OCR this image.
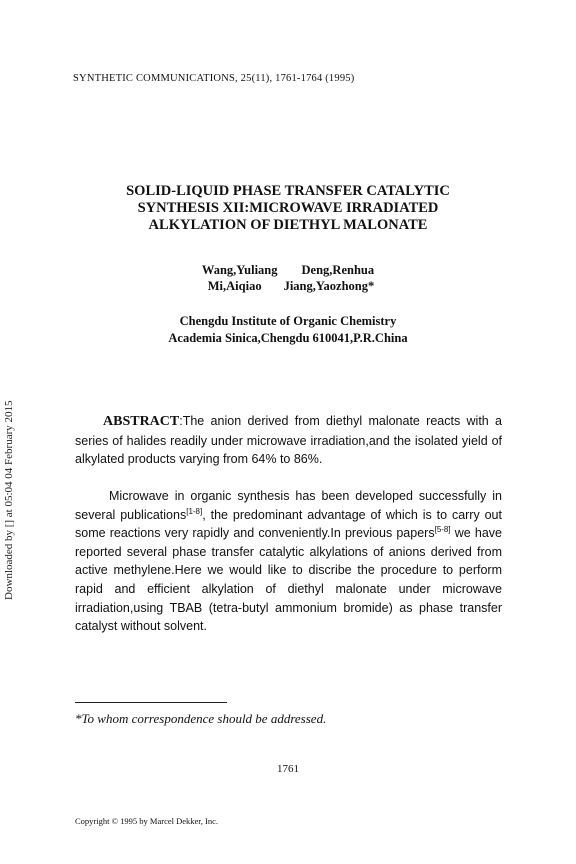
SYNTHETIC COMMUNICATIONS, 25(11), 1761-1764 (1995)
SOLID-LIQUID PHASE TRANSFER CATALYTIC
SYNTHESIS XII:MICROWAVE IRRADIATED
ALKYLATION OF DIETHYL MALONATE
Wang,Yuliang Deng,Renhua
Mi,Aiqiao Jiang,Yaozhong*
Chengdu Institute of Organic Chemistry
Academia Sinica,Chengdu 610041,P.R.China
ABSTRACT:The anion derived from diethyl malonate reacts with a series of halides readily under microwave irradiation,and the isolated yield of alkylated products varying from 64% to 86%.
Microwave in organic synthesis has been developed successfully in several publications[1-8], the predominant advantage of which is to carry out some reactions very rapidly and conveniently.In previous papers[5-8] we have reported several phase transfer catalytic alkylations of anions derived from active methylene.Here we would like to discribe the procedure to perform rapid and efficient alkylation of diethyl malonate under microwave irradiation,using TBAB (tetra-butyl ammonium bromide) as phase transfer catalyst without solvent.
*To whom correspondence should be addressed.
1761
Copyright © 1995 by Marcel Dekker, Inc.
Downloaded by [] at 05:04 04 February 2015
